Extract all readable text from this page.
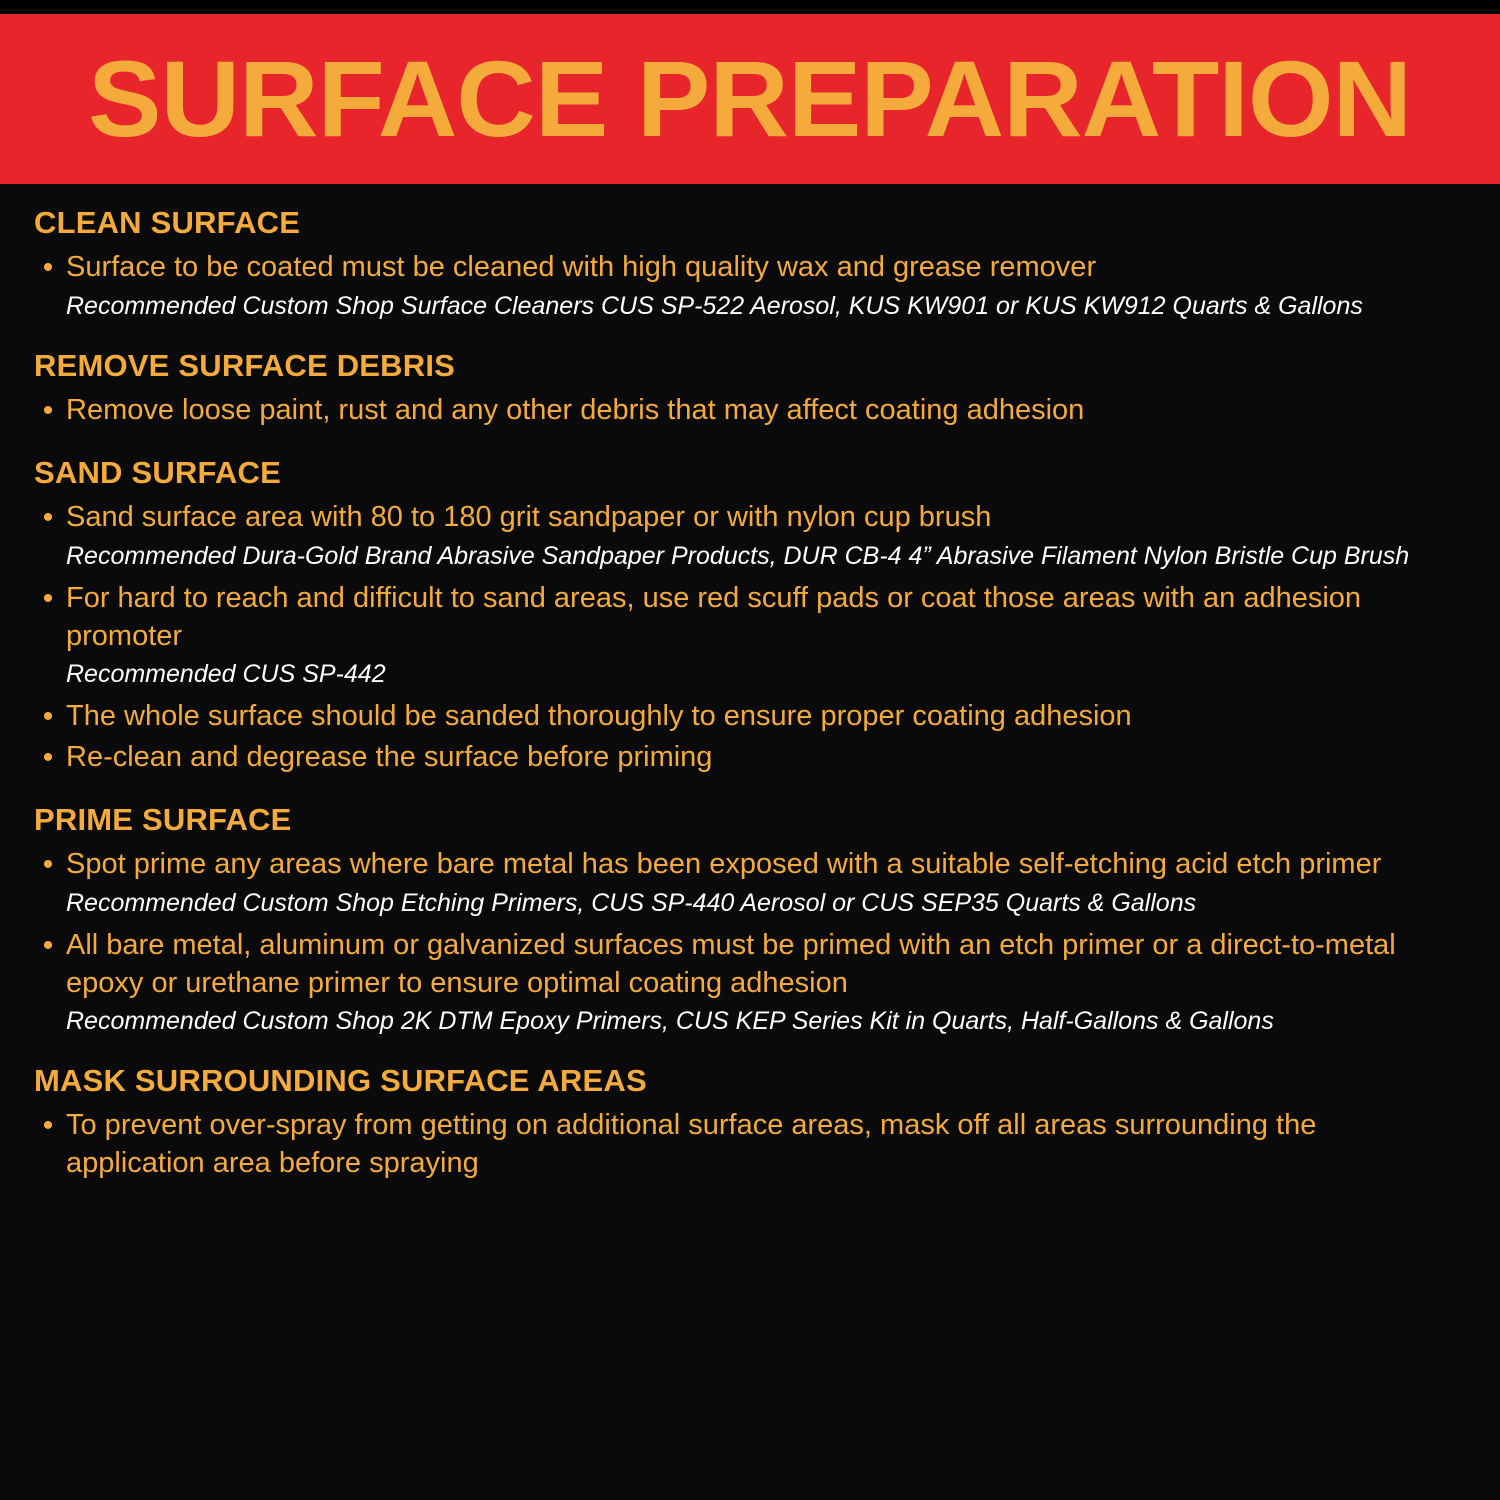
SURFACE PREPARATION
CLEAN SURFACE
• Surface to be coated must be cleaned with high quality wax and grease remover
Recommended Custom Shop Surface Cleaners CUS SP-522 Aerosol, KUS KW901 or KUS KW912 Quarts & Gallons
REMOVE SURFACE DEBRIS
• Remove loose paint, rust and any other debris that may affect coating adhesion
SAND SURFACE
• Sand surface area with 80 to 180 grit sandpaper or with nylon cup brush
Recommended Dura-Gold Brand Abrasive Sandpaper Products, DUR CB-4 4” Abrasive Filament Nylon Bristle Cup Brush
• For hard to reach and difficult to sand areas, use red scuff pads or coat those areas with an adhesion promoter
Recommended CUS SP-442
• The whole surface should be sanded thoroughly to ensure proper coating adhesion
• Re-clean and degrease the surface before priming
PRIME SURFACE
• Spot prime any areas where bare metal has been exposed with a suitable self-etching acid etch primer
Recommended Custom Shop Etching Primers, CUS SP-440 Aerosol or CUS SEP35 Quarts & Gallons
• All bare metal, aluminum or galvanized surfaces must be primed with an etch primer or a direct-to-metal epoxy or urethane primer to ensure optimal coating adhesion
Recommended Custom Shop 2K DTM Epoxy Primers, CUS KEP Series Kit in Quarts, Half-Gallons & Gallons
MASK SURROUNDING SURFACE AREAS
• To prevent over-spray from getting on additional surface areas, mask off all areas surrounding the application area before spraying
